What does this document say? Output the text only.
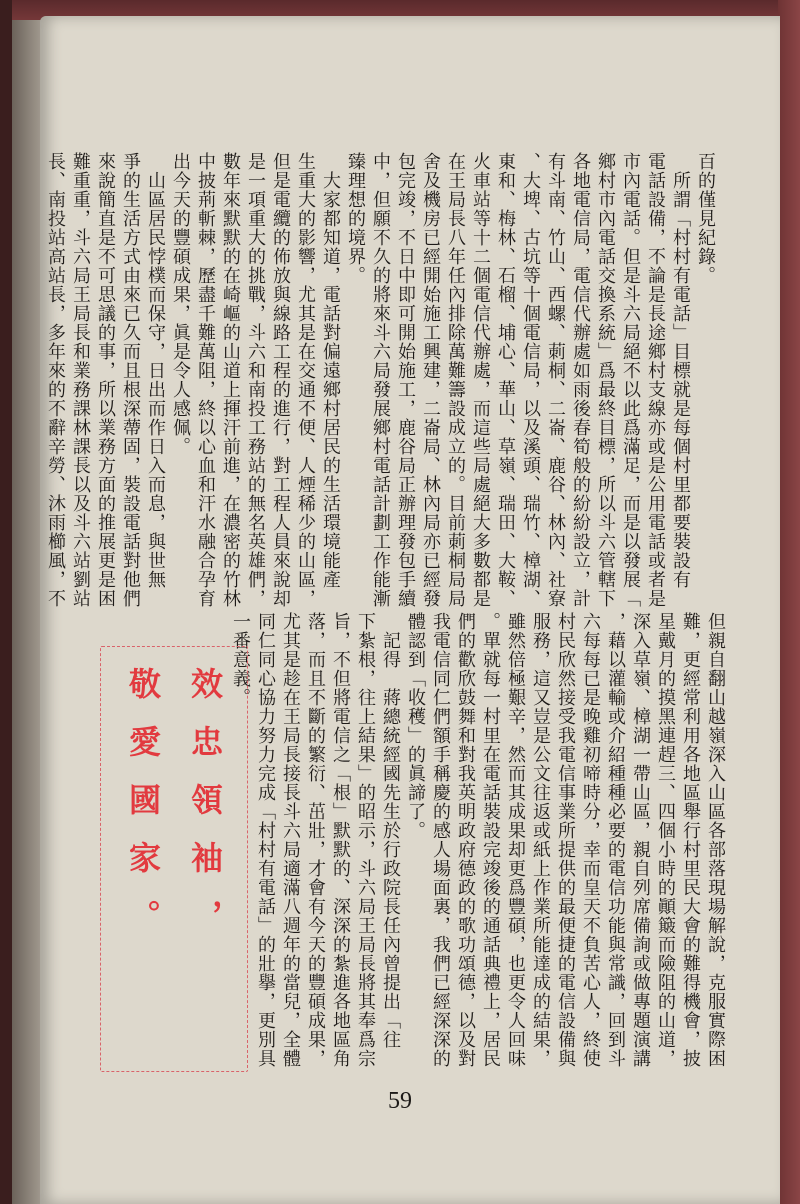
百的僅見紀錄。
　所謂「村村有電話」目標就是每個村里都要裝設有
電話設備，不論是長途鄉村支線亦或是公用電話或者是
市內電話。但是斗六局絕不以此爲滿足，而是以發展「
鄉村市內電話交換系統」爲最終目標，所以斗六管轄下
各地電信局，電信代辦處如雨後春筍般的紛紛設立，計
有斗南、竹山、西螺、莿桐、二崙、鹿谷、林內、社寮
、大埤、古坑等十個電信局，以及溪頭、瑞竹、樟湖、
東和、梅林、石榴、埔心、華山、草嶺、瑞田、大鞍、
火車站等十二個電信代辦處，而這些局處絕大多數都是
在王局長八年任內排除萬難籌設成立的。目前莿桐局局
舍及機房已經開始施工興建，二崙局、林內局亦已經發
包完竣，不日中即可開始施工，鹿谷局正辦理發包手續
中，但願不久的將來斗六局發展鄉村電話計劃工作能漸
臻理想的境界。
　大家都知道，電話對偏遠鄉村居民的生活環境能產
生重大的影響，尤其是在交通不便、人煙稀少的山區，
但是電纜的佈放與線路工程的進行，對工程人員來說却
是一項重大的挑戰，斗六和南投工務站的無名英雄們，
數年來默默的在崎嶇的山道上揮汗前進，在濃密的竹林
中披荊斬棘，歷盡千難萬阻，終以心血和汗水融合孕育
出今天的豐碩成果，眞是令人感佩。
　山區居民悖樸而保守，日出而作日入而息，與世無
爭的生活方式由來已久而且根深蔕固，裝設電話對他們
來說簡直是不可思議的事，所以業務方面的推展更是困
難重重，斗六局王局長和業務課林課長以及斗六站劉站
長、南投站高站長，多年來的不辭辛勞、沐雨櫛風，不
但親自翻山越嶺深入山區各部落現場解說，克服實際困
難，更經常利用各地區舉行村里民大會的難得機會，披
星戴月的摸黑連趕三、四個小時的顚簸而險阻的山道，
深入草嶺、樟湖一帶山區，親自列席備詢或做專題演講
，藉以灌輸或介紹種種必要的電信功能與常識，回到斗
六每每已是晚雞初啼時分，幸而皇天不負苦心人，終使
村民欣然接受我電信事業所提供的最便捷的電信設備與
服務，這又豈是公文往返或紙上作業所能達成的結果，
雖然倍極艱辛，然而其成果却更爲豐碩，也更令人回味
。單就每一村里在電話裝設完竣後的通話典禮上，居民
們的歡欣鼓舞和對我英明政府德政的歌功頌德，以及對
我電信同仁們額手稱慶的感人場面裏，我們已經深深的
體認到「收穫」的眞諦了。
　記得　蔣總統經國先生於行政院長任內曾提出「往
下紮根，往上結果」的昭示，斗六局王局長將其奉爲宗
旨，不但將電信之「根」默默的、深深的紮進各地區角
落，而且不斷的繁衍、茁壯，才會有今天的豐碩成果，
尤其是趁在王局長接長斗六局適滿八週年的當兒，全體
同仁同心協力努力完成「村村有電話」的壯擧，更別具
一番意義。
效忠領袖，
敬愛國家。
59
